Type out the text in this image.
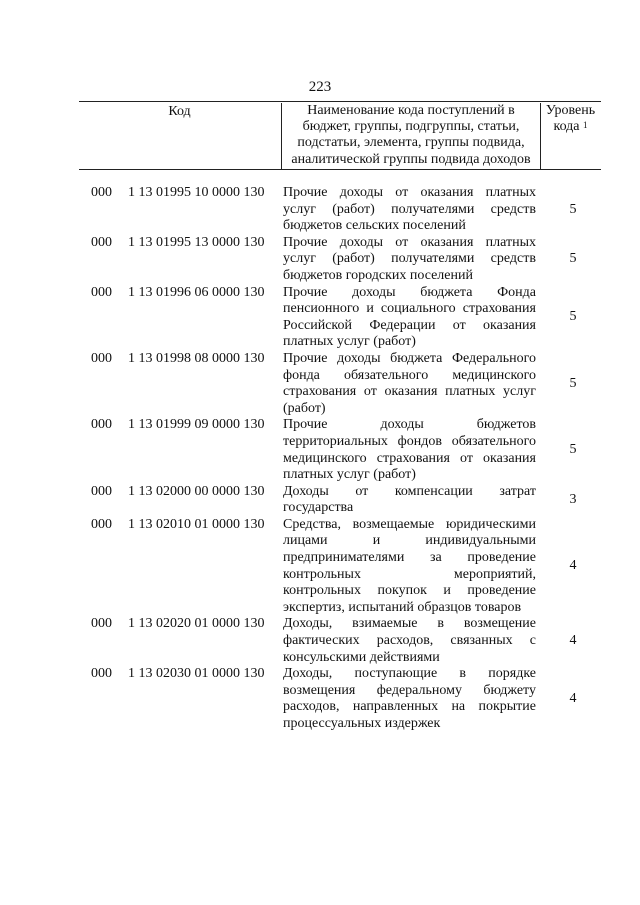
223
Код	Наименование кода поступлений в
бюджет, группы, подгруппы, статьи,
подстатьи, элемента, группы подвида,
аналитической группы подвида доходов
Уровень
кода $^1$
000 1 13 01995 10 0000 130 Прочие доходы от оказания платных
услуг (работ) получателями средств
бюджетов сельских поселений
5
000 1 13 01995 13 0000 130 Прочие доходы от оказания платных
услуг (работ) получателями средств
бюджетов городских поселений
5
000 1 13 01996 06 0000 130 Прочие доходы бюджета Фонда
пенсионного и социального страхования
Российской Федерации от оказания
платных услуг (работ)
5
000 1 13 01998 08 0000 130 Прочие доходы бюджета Федерального
фонда обязательного медицинского
страхования от оказания платных услуг
(работ)
5
000 1 13 01999 09 0000 130 Прочие доходы бюджетов
территориальных фондов обязательного
медицинского страхования от оказания
платных услуг (работ)
5
000 1 13 02000 00 0000 130 Доходы от компенсации затрат
государства
3
000 1 13 02010 01 0000 130 Средства, возмещаемые юридическими
лицами и индивидуальными
предпринимателями за проведение
контрольных мероприятий,
контрольных покупок и проведение
экспертиз, испытаний образцов товаров
4
000 1 13 02020 01 0000 130 Доходы, взимаемые в возмещение
фактических расходов, связанных с
консульскими действиями
4
000 1 13 02030 01 0000 130 Доходы, поступающие в порядке
возмещения федеральному бюджету
расходов, направленных на покрытие
процессуальных издержек
4
